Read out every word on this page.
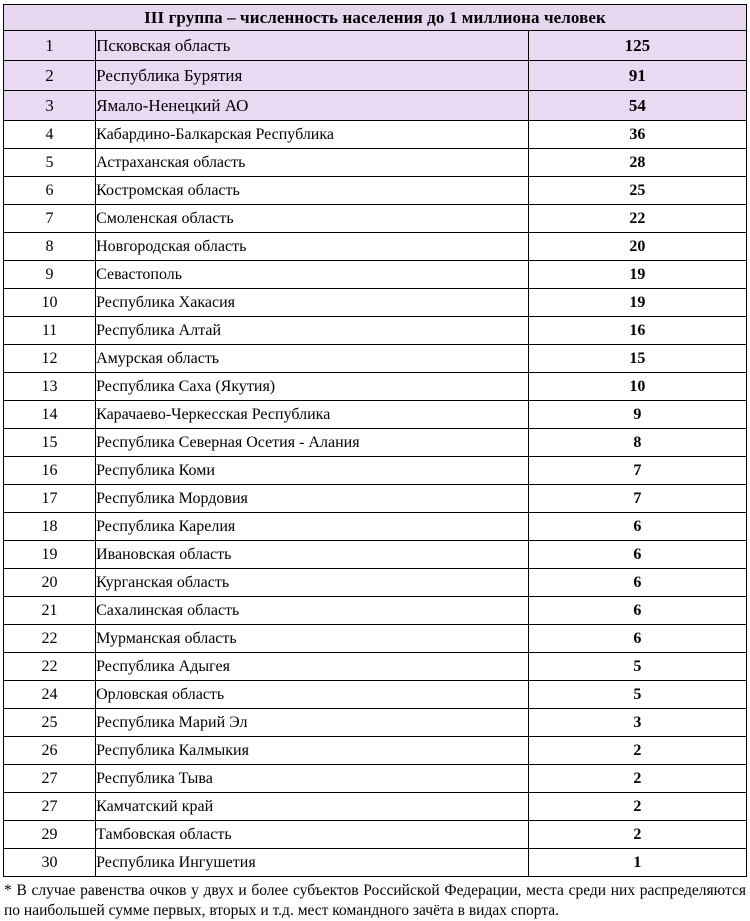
III группа – численность населения до 1 миллиона человек		
1	Псковская область	125
2	Республика Бурятия	91
3	Ямало-Ненецкий АО	54
4	Кабардино-Балкарская Республика	36
5	Астраханская область	28
6	Костромская область	25
7	Смоленская область	22
8	Новгородская область	20
9	Севастополь	19
10	Республика Хакасия	19
11	Республика Алтай	16
12	Амурская область	15
13	Республика Саха (Якутия)	10
14	Карачаево-Черкесская Республика	9
15	Республика Северная Осетия - Алания	8
16	Республика Коми	7
17	Республика Мордовия	7
18	Республика Карелия	6
19	Ивановская область	6
20	Курганская область	6
21	Сахалинская область	6
22	Мурманская область	6
22	Республика Адыгея	5
24	Орловская область	5
25	Республика Марий Эл	3
26	Республика Калмыкия	2
27	Республика Тыва	2
27	Камчатский край	2
29	Тамбовская область	2
30	Республика Ингушетия	1
* В случае равенства очков у двух и более субъектов Российской Федерации, места среди них распределяются по наибольшей сумме первых, вторых и т.д. мест командного зачёта в видах спорта.
